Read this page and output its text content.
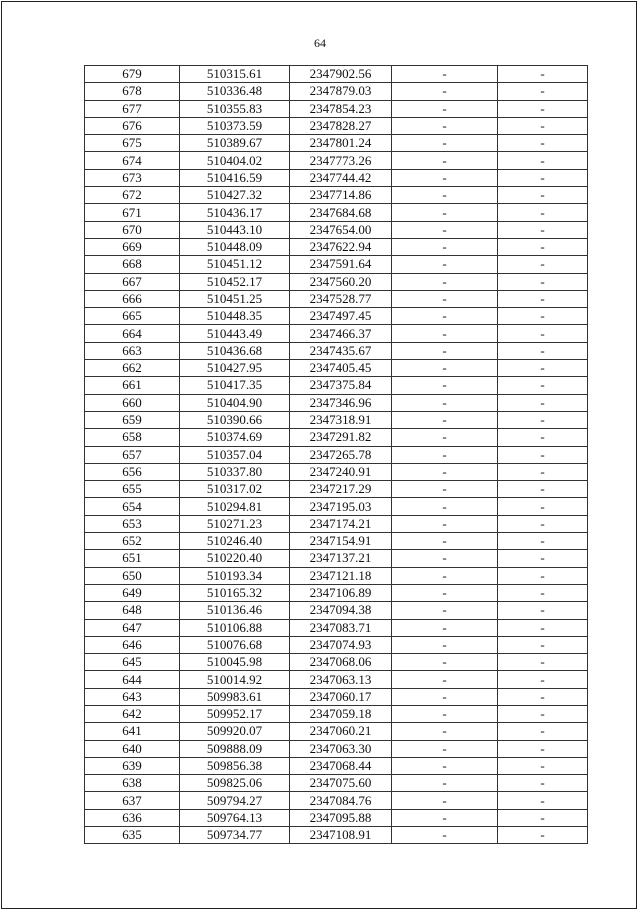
64
679	510315.61	2347902.56	-	-
678	510336.48	2347879.03	-	-
677	510355.83	2347854.23	-	-
676	510373.59	2347828.27	-	-
675	510389.67	2347801.24	-	-
674	510404.02	2347773.26	-	-
673	510416.59	2347744.42	-	-
672	510427.32	2347714.86	-	-
671	510436.17	2347684.68	-	-
670	510443.10	2347654.00	-	-
669	510448.09	2347622.94	-	-
668	510451.12	2347591.64	-	-
667	510452.17	2347560.20	-	-
666	510451.25	2347528.77	-	-
665	510448.35	2347497.45	-	-
664	510443.49	2347466.37	-	-
663	510436.68	2347435.67	-	-
662	510427.95	2347405.45	-	-
661	510417.35	2347375.84	-	-
660	510404.90	2347346.96	-	-
659	510390.66	2347318.91	-	-
658	510374.69	2347291.82	-	-
657	510357.04	2347265.78	-	-
656	510337.80	2347240.91	-	-
655	510317.02	2347217.29	-	-
654	510294.81	2347195.03	-	-
653	510271.23	2347174.21	-	-
652	510246.40	2347154.91	-	-
651	510220.40	2347137.21	-	-
650	510193.34	2347121.18	-	-
649	510165.32	2347106.89	-	-
648	510136.46	2347094.38	-	-
647	510106.88	2347083.71	-	-
646	510076.68	2347074.93	-	-
645	510045.98	2347068.06	-	-
644	510014.92	2347063.13	-	-
643	509983.61	2347060.17	-	-
642	509952.17	2347059.18	-	-
641	509920.07	2347060.21	-	-
640	509888.09	2347063.30	-	-
639	509856.38	2347068.44	-	-
638	509825.06	2347075.60	-	-
637	509794.27	2347084.76	-	-
636	509764.13	2347095.88	-	-
635	509734.77	2347108.91	-	-
